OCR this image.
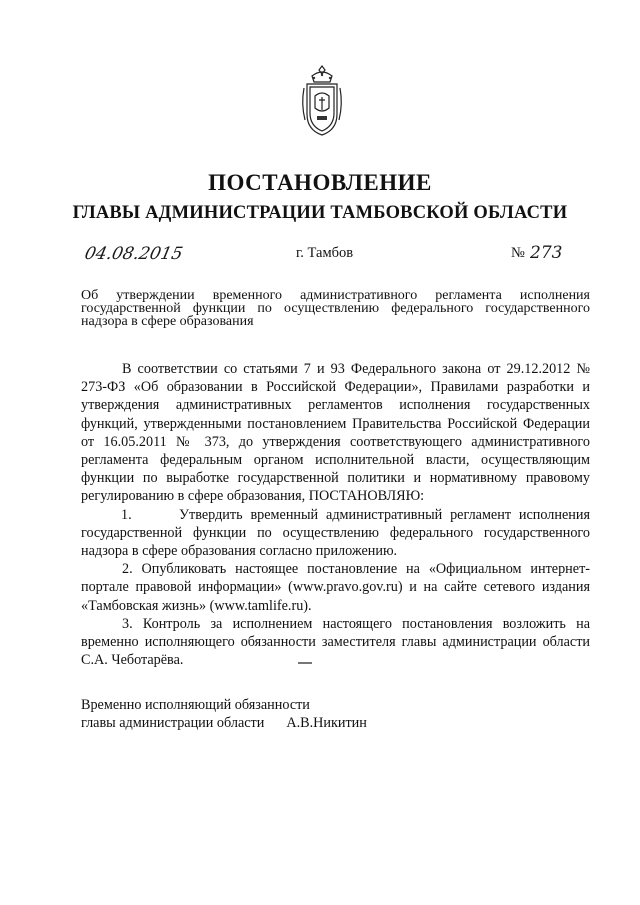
ПОСТАНОВЛЕНИЕ
ГЛАВЫ АДМИНИСТРАЦИИ ТАМБОВСКОЙ ОБЛАСТИ
04.08.2015	г. Тамбов	№ 273
Об утверждении временного административного регламента исполнения государственной функции по осуществлению федерального государственного надзора в сфере образования

В соответствии со статьями 7 и 93 Федерального закона от 29.12.2012 № 273-ФЗ «Об образовании в Российской Федерации», Правилами разработки и утверждения административных регламентов исполнения государственных функций, утвержденными постановлением Правительства Российской Федерации от 16.05.2011 № 373, до утверждения соответствующего административного регламента федеральным органом исполнительной власти, осуществляющим функции по выработке государственной политики и нормативному правовому регулированию в сфере образования, ПОСТАНОВЛЯЮ:

1.      Утвердить временный административный регламент исполнения государственной функции по осуществлению федерального государственного надзора в сфере образования согласно приложению.

2. Опубликовать настоящее постановление на «Официальном интернет-портале правовой информации» (www.pravo.gov.ru) и на сайте сетевого издания «Тамбовская жизнь» (www.tamlife.ru).

3. Контроль за исполнением настоящего постановления возложить на временно исполняющего обязанности заместителя главы администрации области С.А. Чеботарёва.

Временно исполняющий обязанности
главы администрации области А.В.Никитин
